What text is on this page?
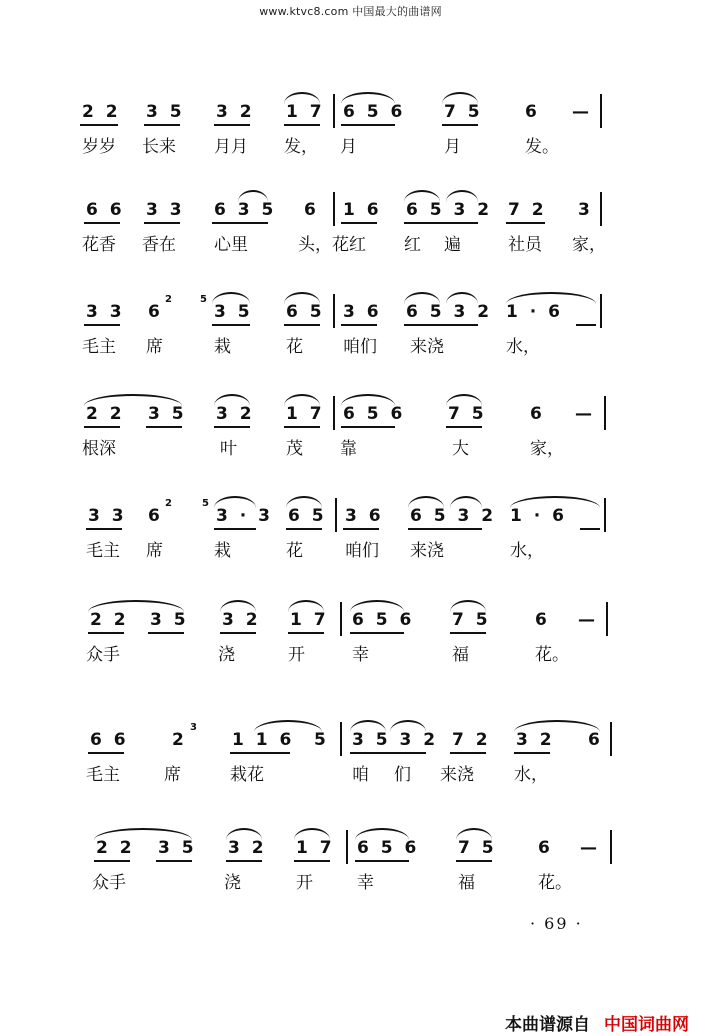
www.ktvc8.com 中国最大的曲谱网
2 2 3 5 3 2 1 7 6 5 6 7 5 6 —
岁岁 长来 月月 发， 月	月	发。
6 6 3 3 6 3 5 6 1 6 6 5 3 2 7 2 3
花香 香在 心里	头，花红 红 遍	社员 家，
3 3 6
2	5
3 5 6 5 3 6 6 5 3 2 1 · 6
毛主 席	栽	花 咱们 来浇	水，
2 2 3 5 3 2 1 7 6 5 6	7 5	6 —
根深	叶	茂 靠	大	家，
3 3 6
2	5
3 · 3 6 5 3 6 6 5 3 2 1 · 6
毛主 席	栽	花 咱们 来浇	水，
2 2 3 5 3 2 1 7 6 5 6 7 5	6 —
众手	浇	开	幸	福	花。
6 6	2
3
1 1 6 5 3 5 3 2 7 2 3 2 6
毛主	席	栽花	咱 们 来浇 水，
2 2 3 5 3 2 1 7 6 5 6 7 5 6 —
众手	浇	开	幸	福	花。
· 69 ·
本曲谱源自 中国词曲网
